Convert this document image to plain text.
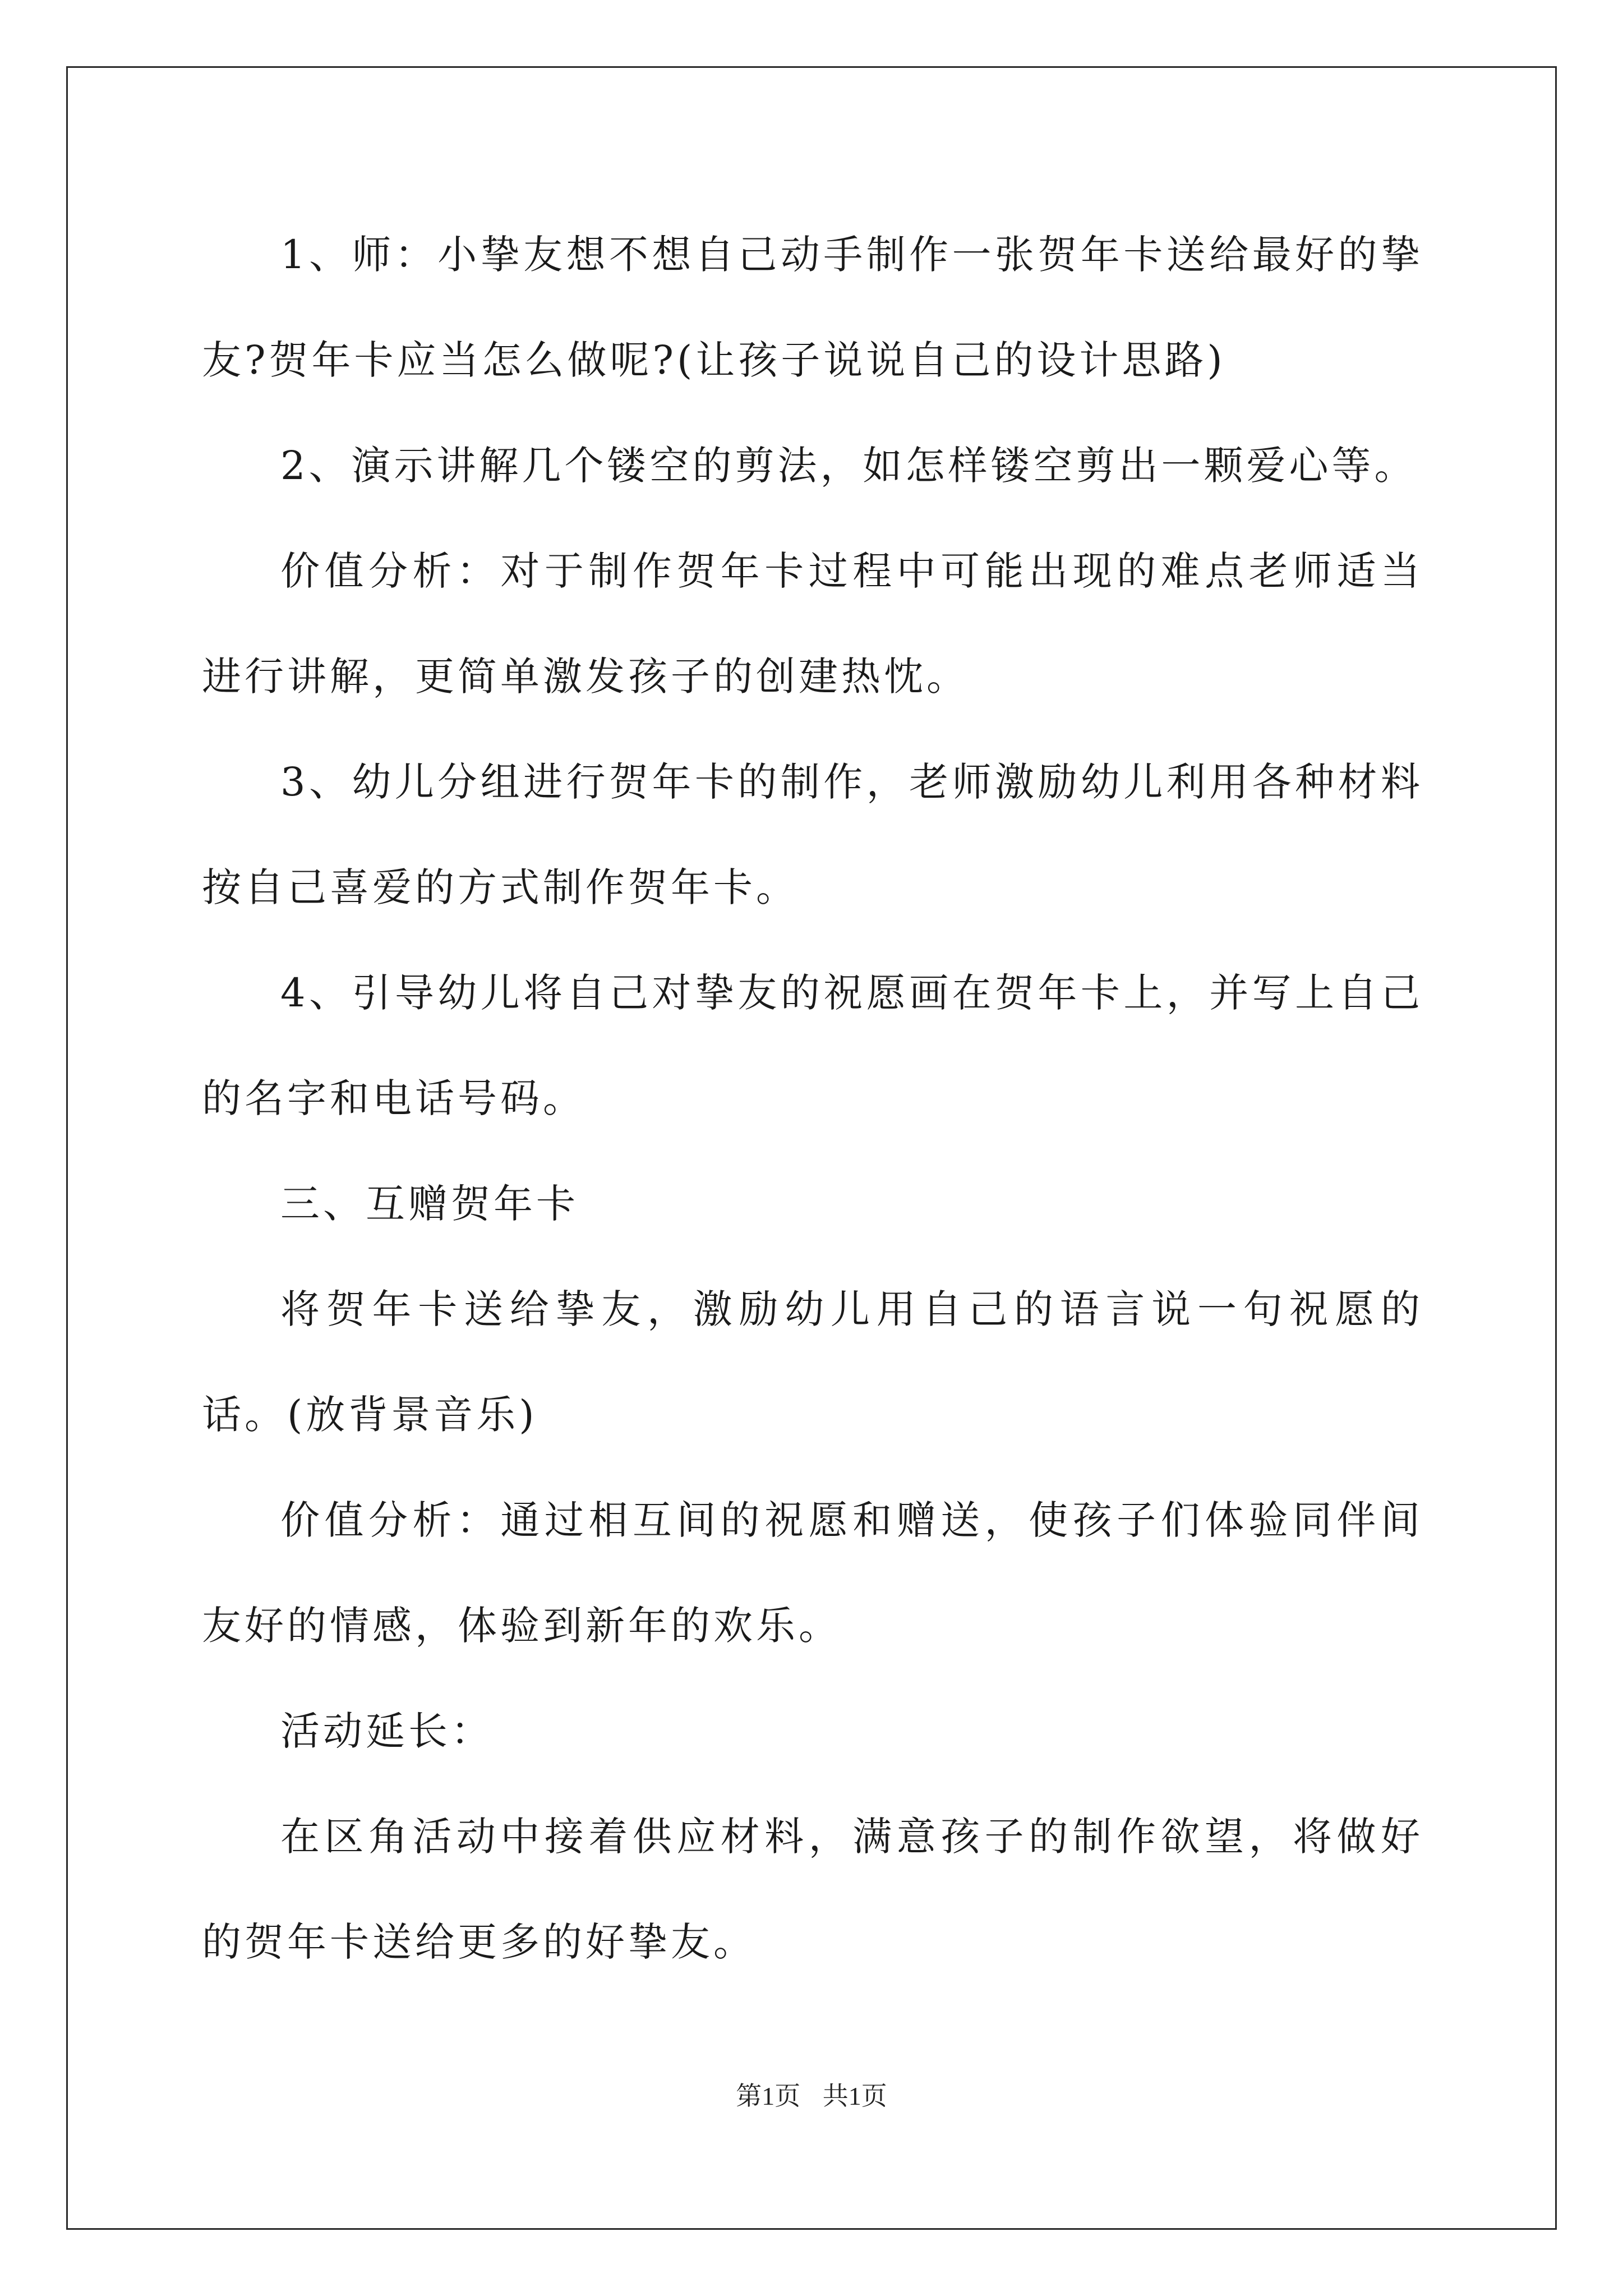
1、师：小挚友想不想自己动手制作一张贺年卡送给最好的挚友?贺年卡应当怎么做呢?(让孩子说说自己的设计思路)

2、演示讲解几个镂空的剪法，如怎样镂空剪出一颗爱心等。

价值分析：对于制作贺年卡过程中可能出现的难点老师适当进行讲解，更简单激发孩子的创建热忱。

3、幼儿分组进行贺年卡的制作，老师激励幼儿利用各种材料按自己喜爱的方式制作贺年卡。

4、引导幼儿将自己对挚友的祝愿画在贺年卡上，并写上自己的名字和电话号码。

三、互赠贺年卡

将贺年卡送给挚友，激励幼儿用自己的语言说一句祝愿的话。(放背景音乐)

价值分析：通过相互间的祝愿和赠送，使孩子们体验同伴间友好的情感，体验到新年的欢乐。

活动延长：

在区角活动中接着供应材料，满意孩子的制作欲望，将做好的贺年卡送给更多的好挚友。

第1页 共1页
